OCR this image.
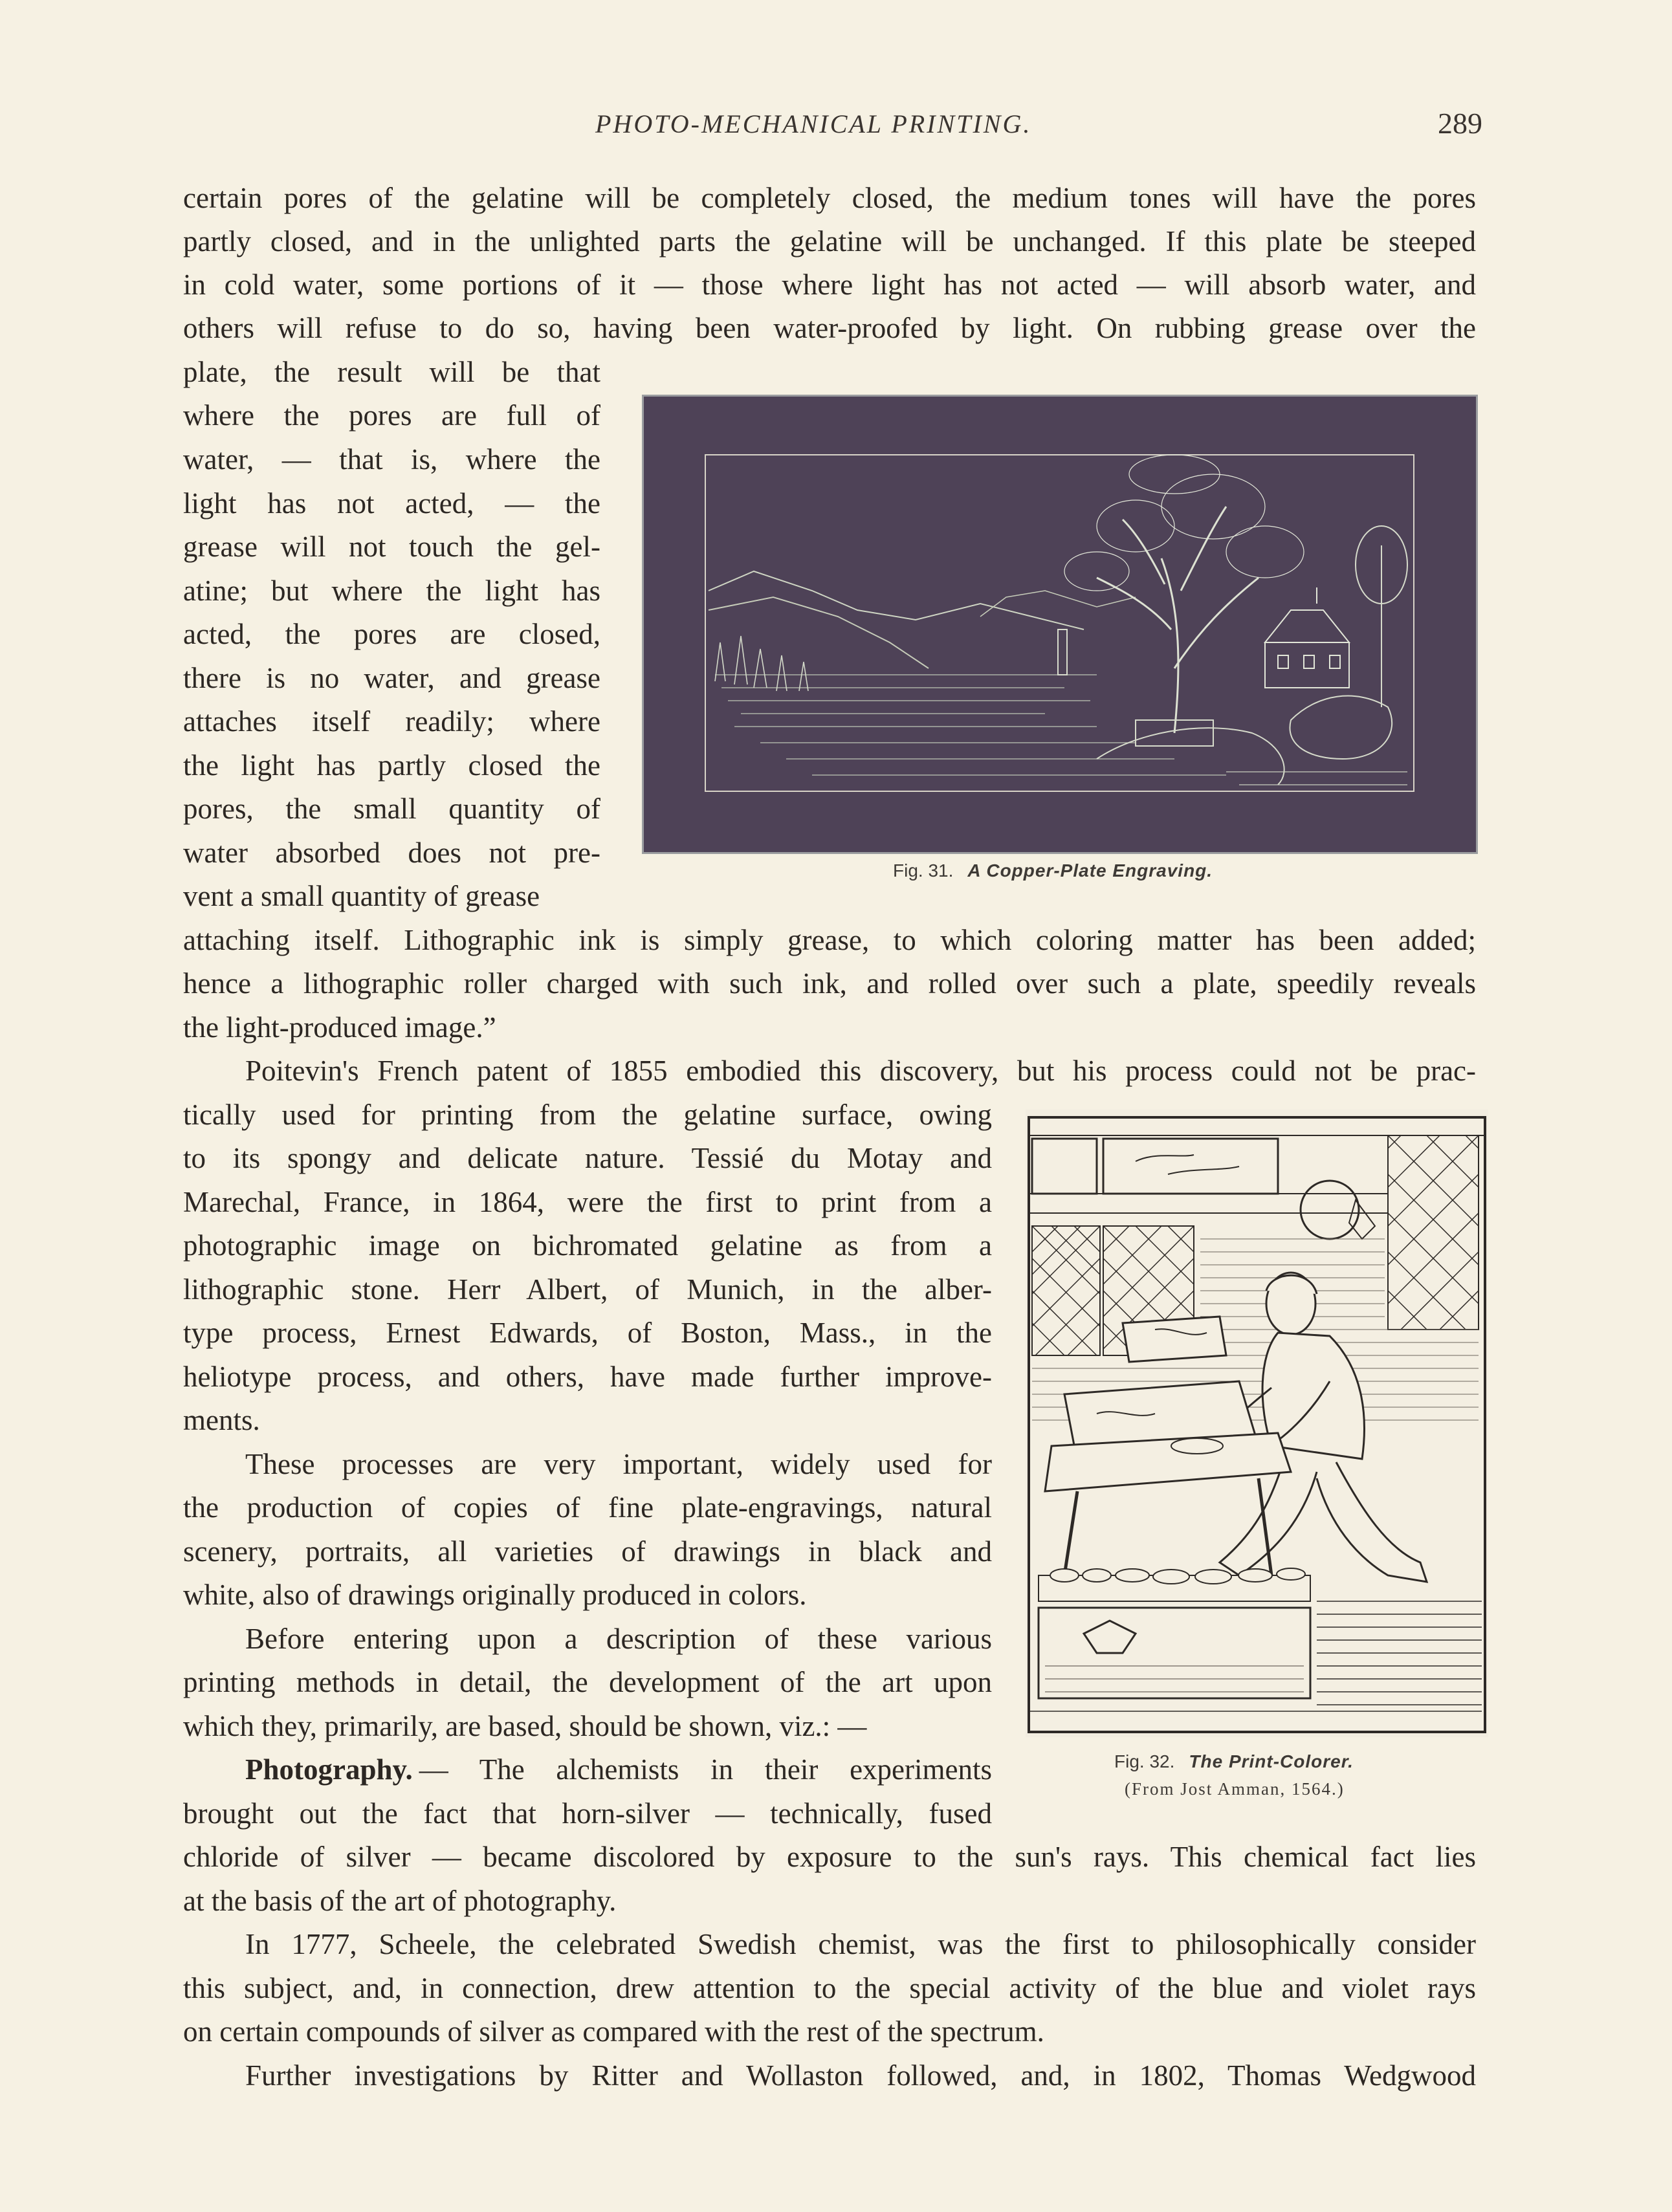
PHOTO-MECHANICAL PRINTING.	289
certain pores of the gelatine will be completely closed, the medium tones will have the pores
partly closed, and in the unlighted parts the gelatine will be unchanged. If this plate be steeped
in cold water, some portions of it — those where light has not acted — will absorb water, and
others will refuse to do so, having been water-proofed by light. On rubbing grease over the
plate, the result will be that
where the pores are full of
water, — that is, where the
light has not acted, — the
grease will not touch the gel-
atine; but where the light has
acted, the pores are closed,
there is no water, and grease
attaches itself readily; where
the light has partly closed the
pores, the small quantity of
water absorbed does not pre-
vent a small quantity of grease
attaching itself. Lithographic ink is simply grease, to which coloring matter has been added;
hence a lithographic roller charged with such ink, and rolled over such a plate, speedily reveals
the light-produced image.”
Poitevin's French patent of 1855 embodied this discovery, but his process could not be prac-
tically used for printing from the gelatine surface, owing
to its spongy and delicate nature. Tessié du Motay and
Marechal, France, in 1864, were the first to print from a
photographic image on bichromated gelatine as from a
lithographic stone. Herr Albert, of Munich, in the alber-
type process, Ernest Edwards, of Boston, Mass., in the
heliotype process, and others, have made further improve-
ments.
These processes are very important, widely used for
the production of copies of fine plate-engravings, natural
scenery, portraits, all varieties of drawings in black and
white, also of drawings originally produced in colors.
Before entering upon a description of these various
printing methods in detail, the development of the art upon
which they, primarily, are based, should be shown, viz.: —
Photography. — The alchemists in their experiments
brought out the fact that horn-silver — technically, fused
chloride of silver — became discolored by exposure to the sun's rays. This chemical fact lies
at the basis of the art of photography.
In 1777, Scheele, the celebrated Swedish chemist, was the first to philosophically consider
this subject, and, in connection, drew attention to the special activity of the blue and violet rays
on certain compounds of silver as compared with the rest of the spectrum.
Further investigations by Ritter and Wollaston followed, and, in 1802, Thomas Wedgwood
Fig. 31. A Copper-Plate Engraving.
Fig. 32. The Print-Colorer.
(From Jost Amman, 1564.)
